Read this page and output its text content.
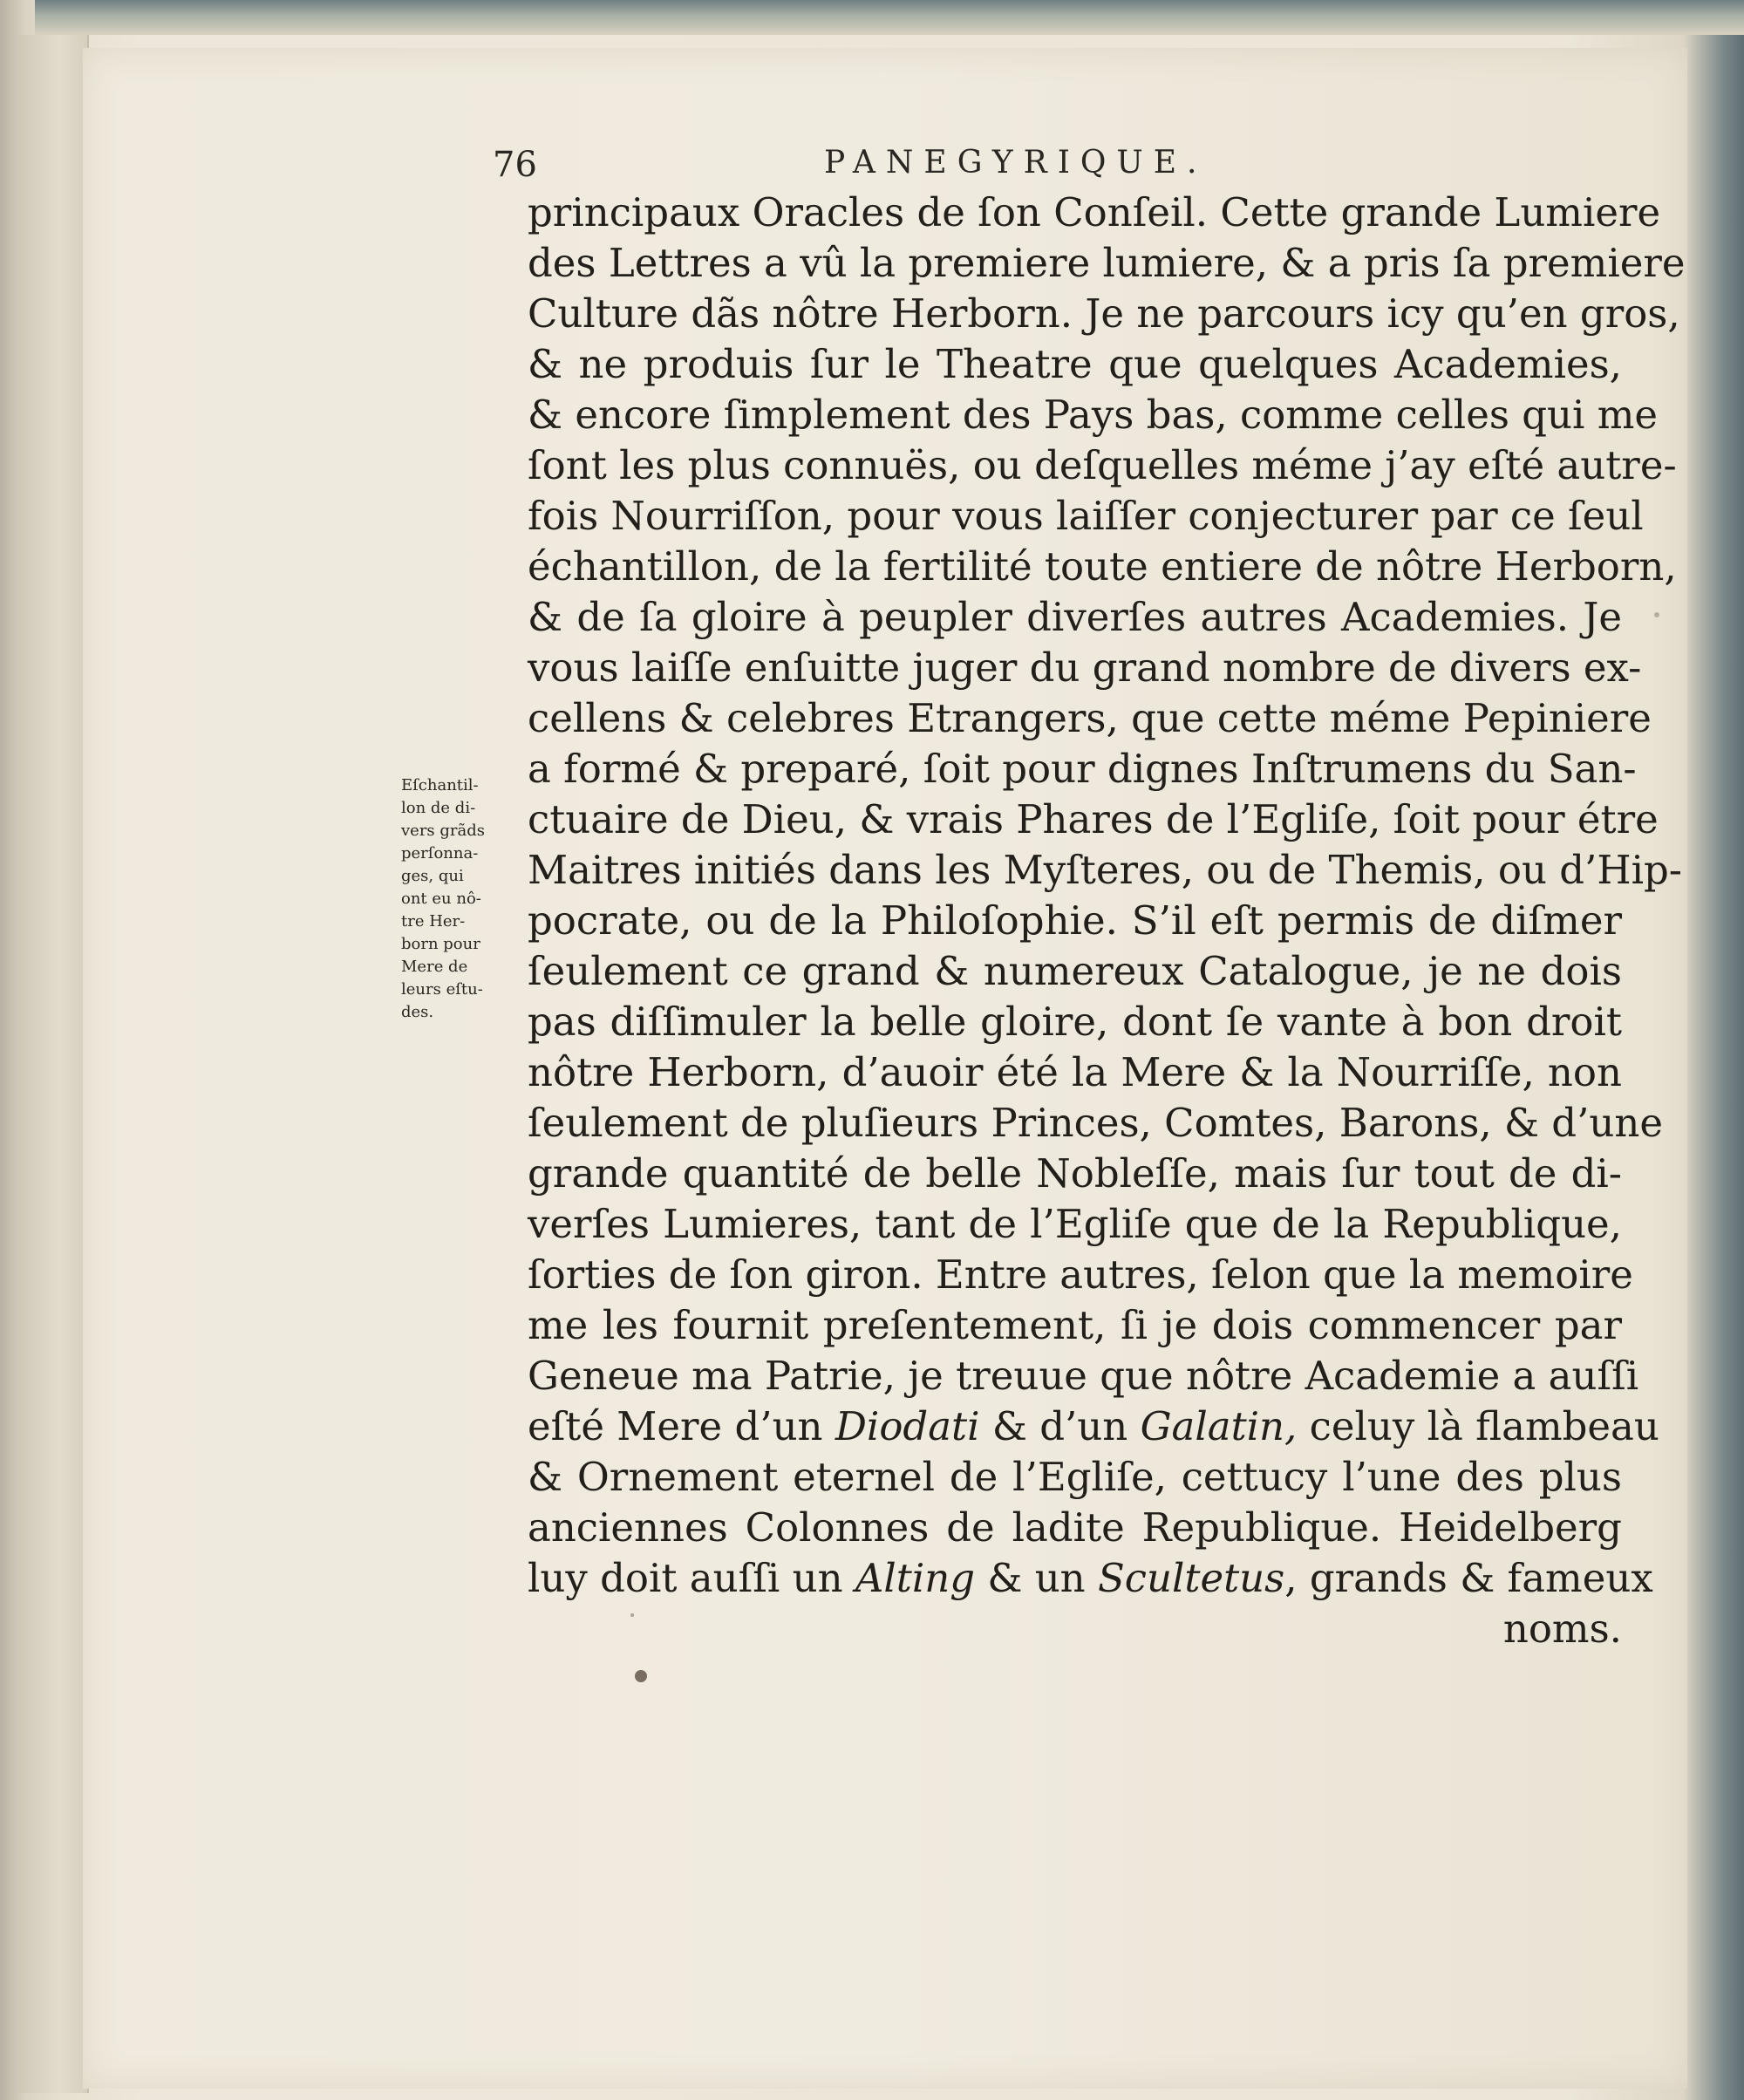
76	PANEGYRIQUE.
Eſchantil-
lon de di-
vers grãds
perſonna-
ges, qui
ont eu nô-
tre Her-
born pour
Mere de
leurs eſtu-
des.
principaux Oracles de ſon Conſeil. Cette grande Lumiere
des Lettres a vû la premiere lumiere, & a pris ſa premiere
Culture dãs nôtre Herborn. Je ne parcours icy qu’en gros,
& ne produis ſur le Theatre que quelques Academies,
& encore ſimplement des Pays bas, comme celles qui me
ſont les plus connuës, ou deſquelles méme j’ay eſté autre-
fois Nourriſſon, pour vous laiſſer conjecturer par ce ſeul
échantillon, de la fertilité toute entiere de nôtre Herborn,
& de ſa gloire à peupler diverſes autres Academies. Je
vous laiſſe enſuitte juger du grand nombre de divers ex-
cellens & celebres Etrangers, que cette méme Pepiniere
a formé & preparé, ſoit pour dignes Inſtrumens du San-
ctuaire de Dieu, & vrais Phares de l’Egliſe, ſoit pour étre
Maitres initiés dans les Myſteres, ou de Themis, ou d’Hip-
pocrate, ou de la Philoſophie. S’il eſt permis de diſmer
ſeulement ce grand & numereux Catalogue, je ne dois
pas diſſimuler la belle gloire, dont ſe vante à bon droit
nôtre Herborn, d’auoir été la Mere & la Nourriſſe, non
ſeulement de pluſieurs Princes, Comtes, Barons, & d’une
grande quantité de belle Nobleſſe, mais ſur tout de di-
verſes Lumieres, tant de l’Egliſe que de la Republique,
ſorties de ſon giron. Entre autres, ſelon que la memoire
me les fournit preſentement, ſi je dois commencer par
Geneue ma Patrie, je treuue que nôtre Academie a auſſi
eſté Mere d’un Diodati & d’un Galatin, celuy là flambeau
& Ornement eternel de l’Egliſe, cettucy l’une des plus
anciennes Colonnes de ladite Republique. Heidelberg
luy doit auſſi un Alting & un Scultetus, grands & fameux
noms.
